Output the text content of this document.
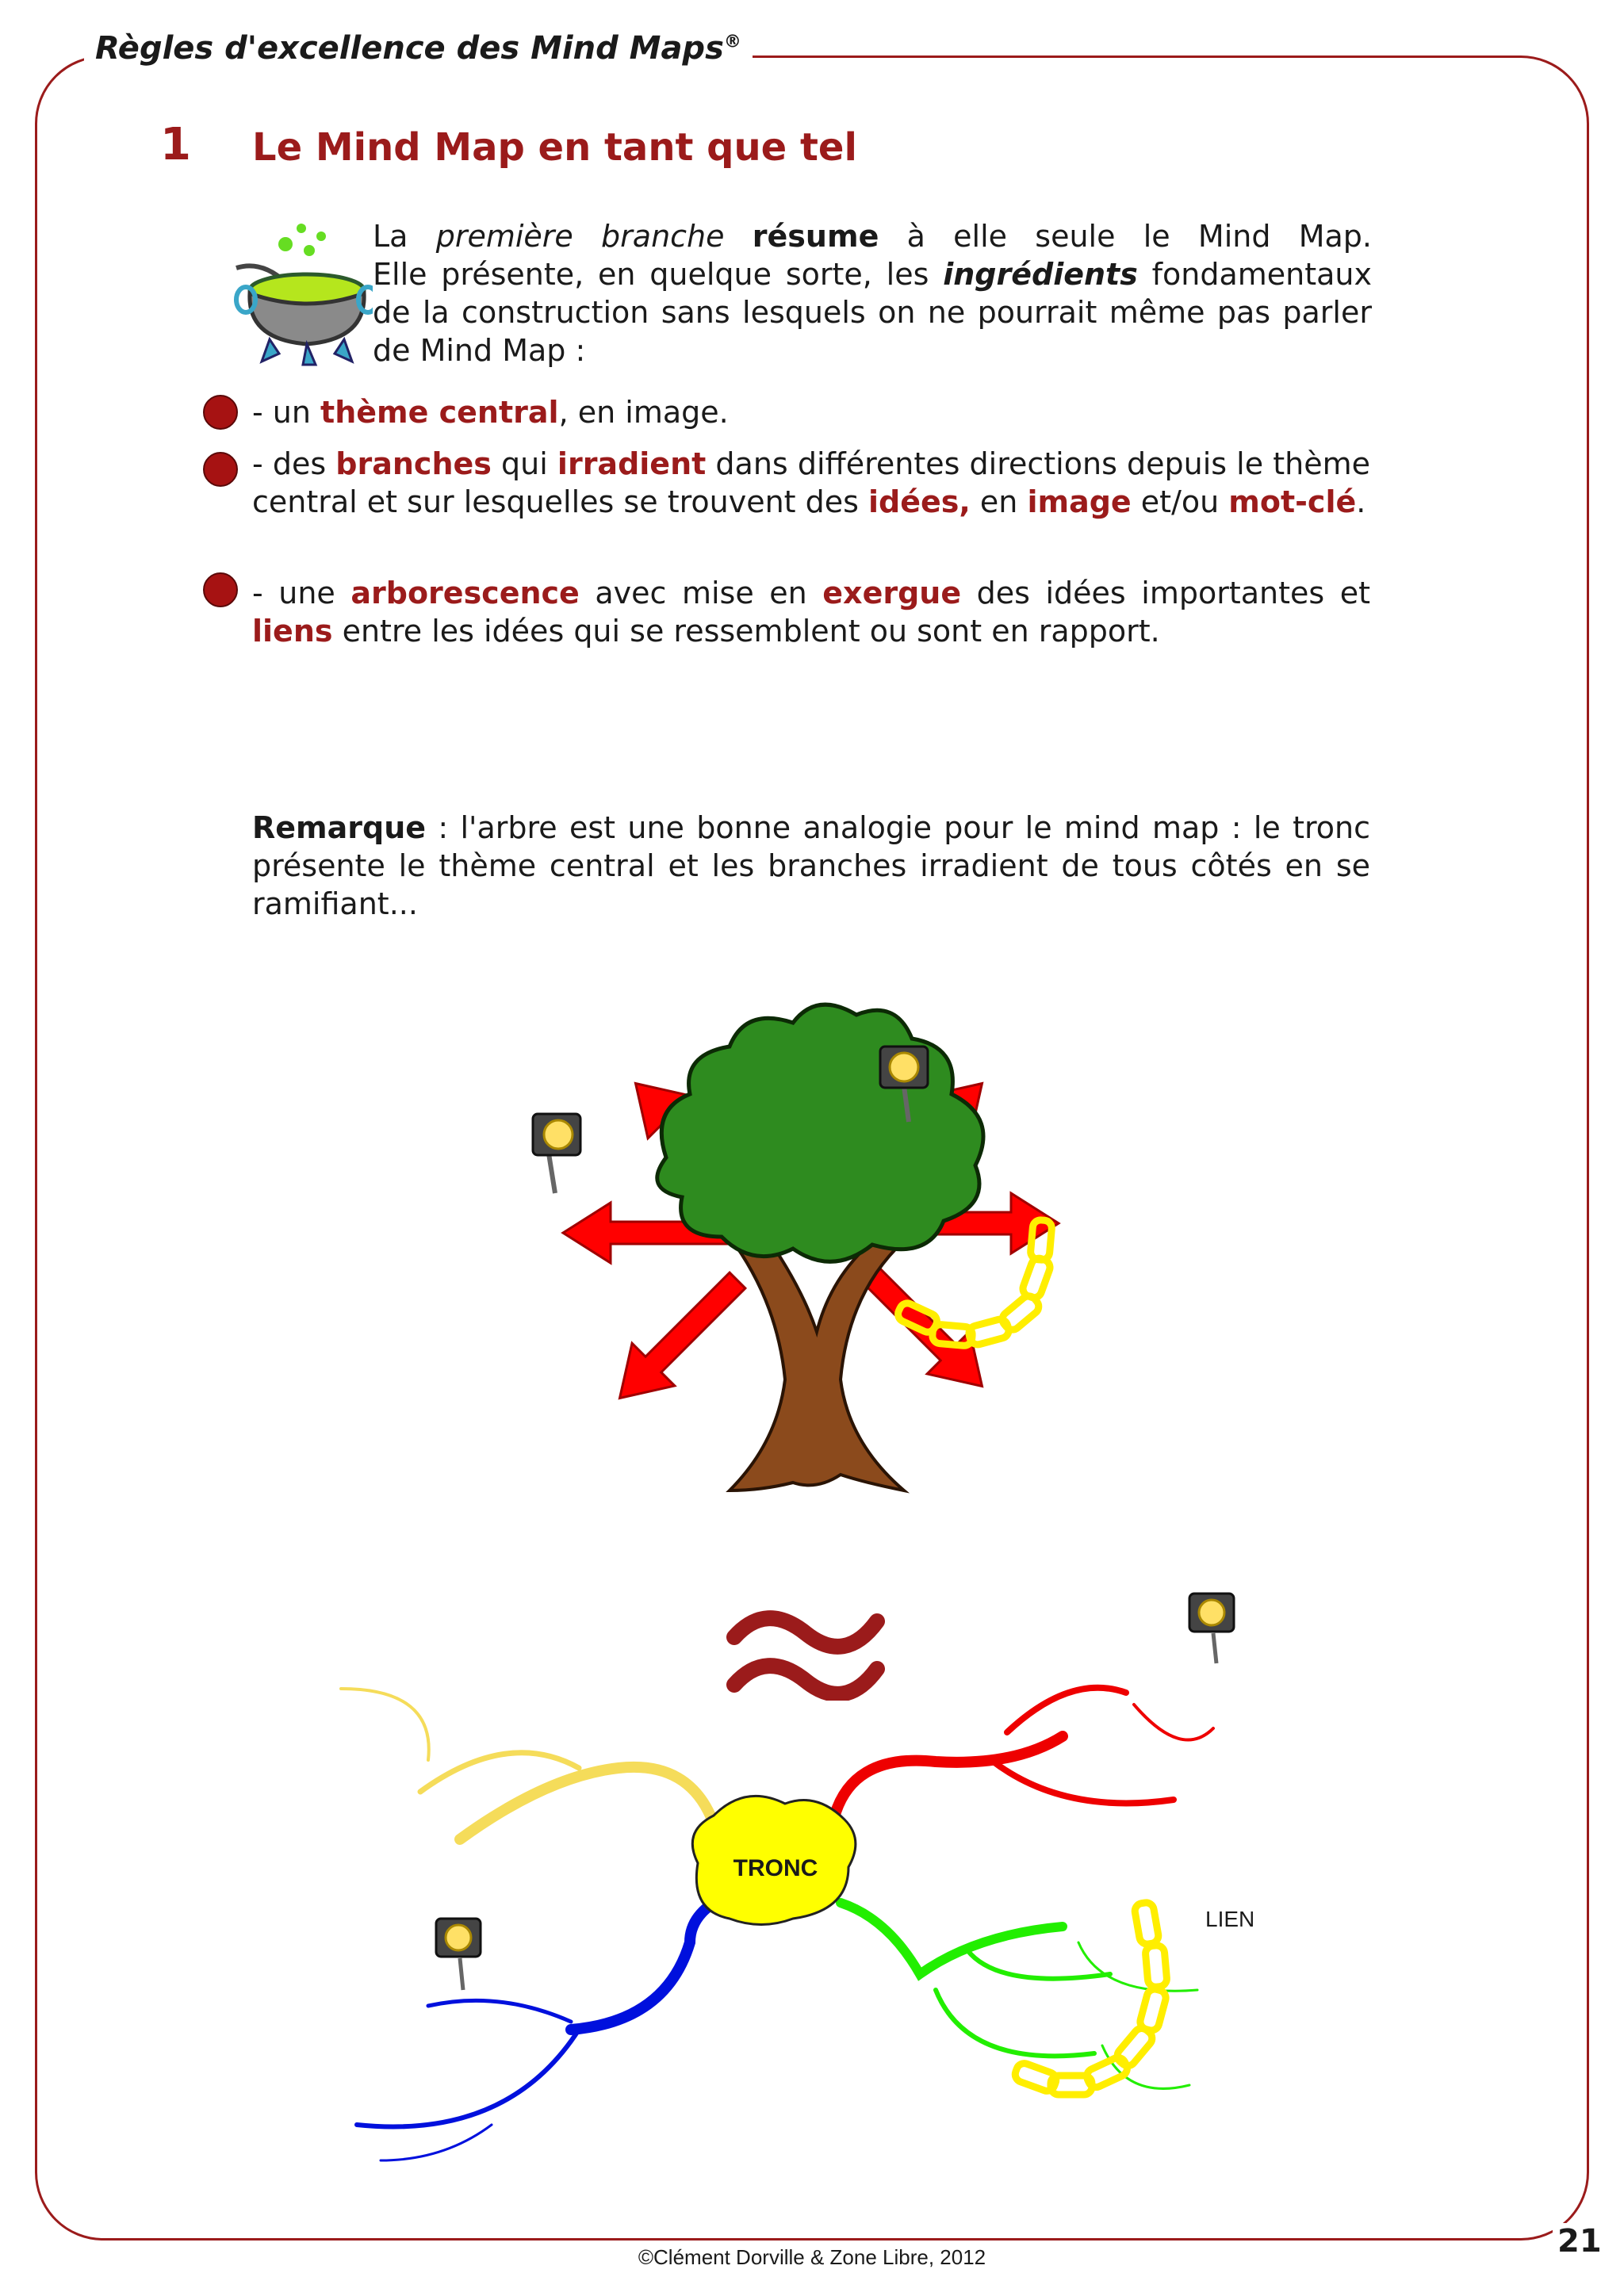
Règles d'excellence des Mind Maps®
1 Le Mind Map en tant que tel
La première branche résume à elle seule le Mind Map.
Elle présente, en quelque sorte, les ingrédients fondamentaux
de la construction sans lesquels on ne pourrait même pas parler
de Mind Map :
- un thème central, en image.
- des branches qui irradient dans différentes directions depuis le thème central et sur lesquelles se trouvent des idées, en image et/ou mot-clé.
- une arborescence avec mise en exergue des idées importantes et liens entre les idées qui se ressemblent ou sont en rapport.
Remarque : l'arbre est une bonne analogie pour le mind map : le tronc présente le thème central et les branches irradient de tous côtés en se ramifiant...
TRONC
LIEN
21
©Clément Dorville & Zone Libre, 2012
